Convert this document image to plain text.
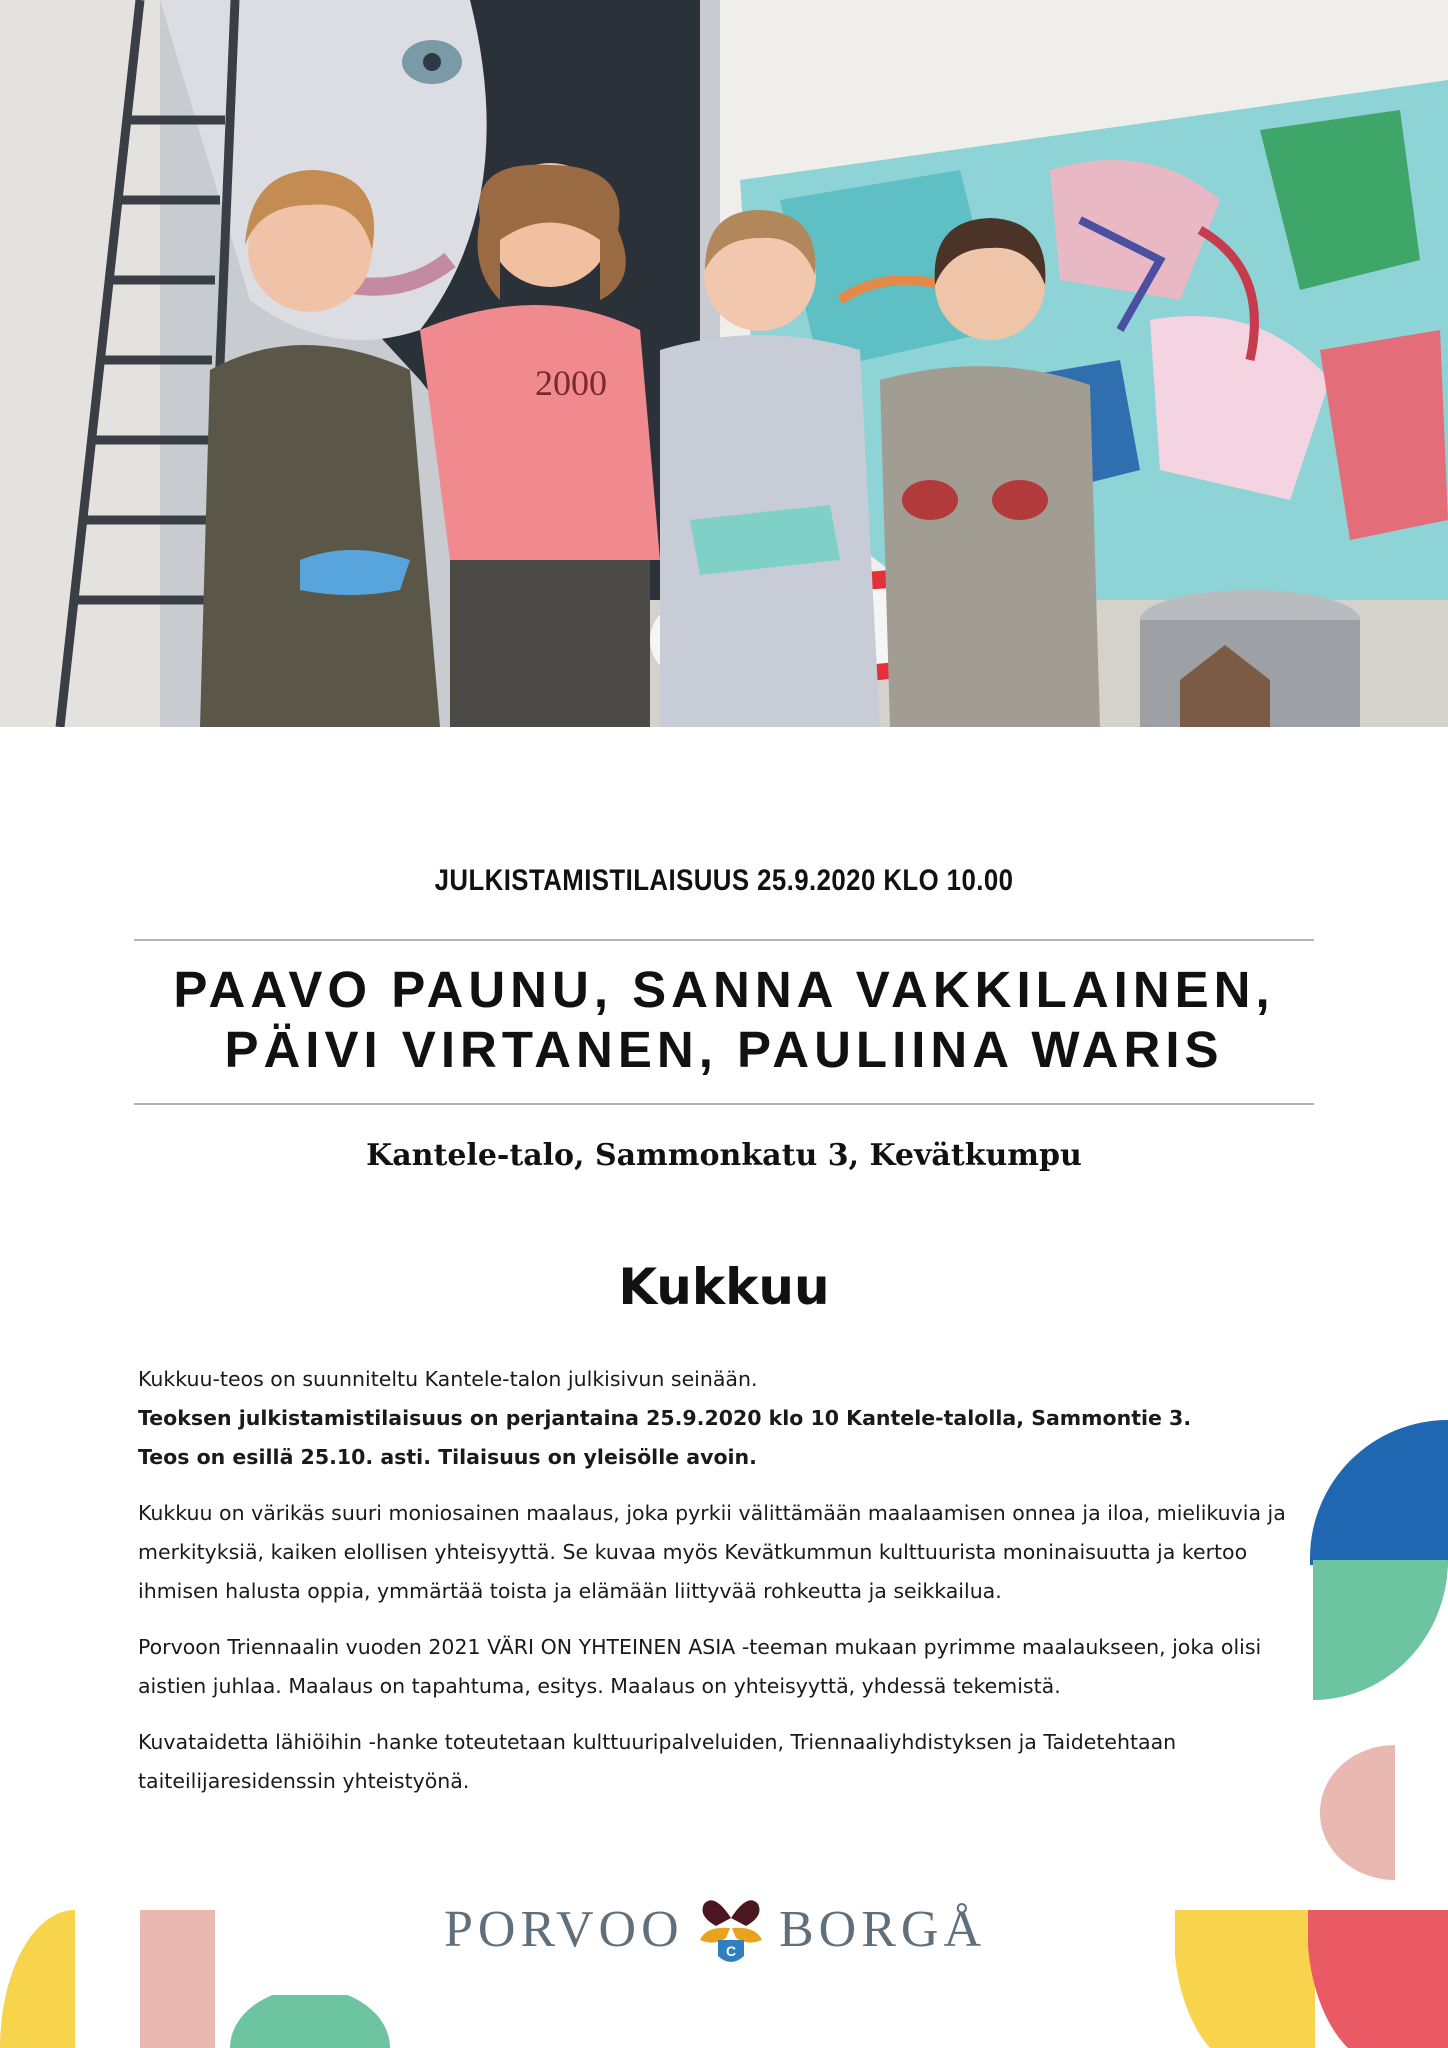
2000
JULKISTAMISTILAISUUS 25.9.2020 KLO 10.00
PAAVO PAUNU, SANNA VAKKILAINEN,
PÄIVI VIRTANEN, PAULIINA WARIS
Kantele-talo, Sammonkatu 3, Kevätkumpu
Kukkuu

Kukkuu-teos on suunniteltu Kantele-talon julkisivun seinään.
Teoksen julkistamistilaisuus on perjantaina 25.9.2020 klo 10 Kantele-talolla, Sammontie 3.
Teos on esillä 25.10. asti. Tilaisuus on yleisölle avoin.

Kukkuu on värikäs suuri moniosainen maalaus, joka pyrkii välittämään maalaamisen onnea ja iloa, mielikuvia ja merkityksiä, kaiken elollisen yhteisyyttä. Se kuvaa myös Kevätkummun kulttuurista moninaisuutta ja kertoo ihmisen halusta oppia, ymmärtää toista ja elämään liittyvää rohkeutta ja seikkailua.

Porvoon Triennaalin vuoden 2021 VÄRI ON YHTEINEN ASIA -teeman mukaan pyrimme maalaukseen, joka olisi aistien juhlaa. Maalaus on tapahtuma, esitys. Maalaus on yhteisyyttä, yhdessä tekemistä.

Kuvataidetta lähiöihin -hanke toteutetaan kulttuuripalveluiden, Triennaaliyhdistyksen ja Taidetehtaan taiteilijaresidenssin yhteistyönä.

PORVOO	C BORGÅ
